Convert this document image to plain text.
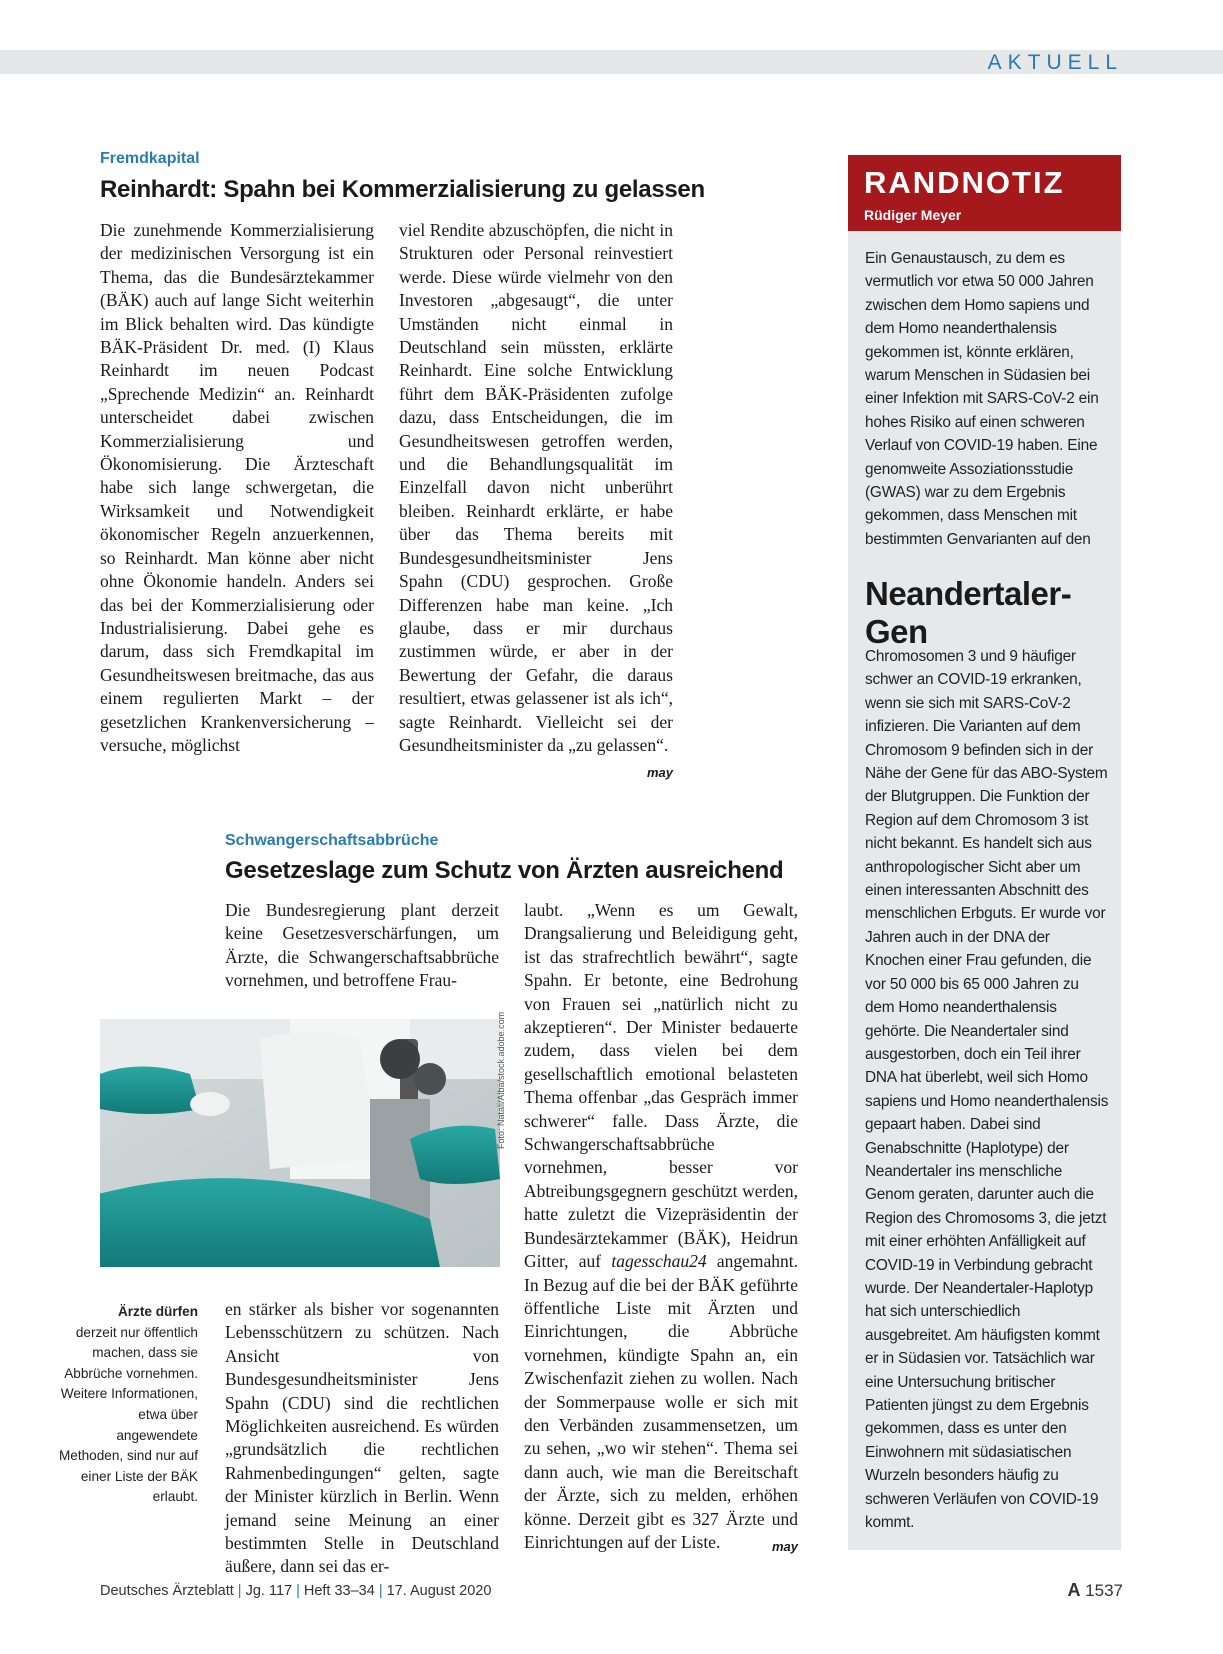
AKTUELL
Fremdkapital
Reinhardt: Spahn bei Kommerzialisierung zu gelassen
Die zunehmende Kommerzialisierung der medizinischen Versorgung ist ein Thema, das die Bundesärztekammer (BÄK) auch auf lange Sicht weiterhin im Blick behalten wird. Das kündigte BÄK-Präsident Dr. med. (I) Klaus Reinhardt im neuen Podcast „Sprechende Medizin“ an. Reinhardt unterscheidet dabei zwischen Kommerzialisierung und Ökonomisierung. Die Ärzteschaft habe sich lange schwergetan, die Wirksamkeit und Notwendigkeit ökonomischer Regeln anzuerkennen, so Reinhardt. Man könne aber nicht ohne Ökonomie handeln. Anders sei das bei der Kommerzialisierung oder Industrialisierung. Dabei gehe es darum, dass sich Fremdkapital im Gesundheitswesen breitmache, das aus einem regulierten Markt – der gesetzlichen Krankenversicherung – versuche, möglichst
viel Rendite abzuschöpfen, die nicht in Strukturen oder Personal reinvestiert werde. Diese würde vielmehr von den Investoren „abgesaugt“, die unter Umständen nicht einmal in Deutschland sein müssten, erklärte Reinhardt. Eine solche Entwicklung führt dem BÄK-Präsidenten zufolge dazu, dass Entscheidungen, die im Gesundheitswesen getroffen werden, und die Behandlungsqualität im Einzelfall davon nicht unberührt bleiben. Reinhardt erklärte, er habe über das Thema bereits mit Bundesgesundheitsminister Jens Spahn (CDU) gesprochen. Große Differenzen habe man keine. „Ich glaube, dass er mir durchaus zustimmen würde, er aber in der Bewertung der Gefahr, die daraus resultiert, etwas gelassener ist als ich“, sagte Reinhardt. Vielleicht sei der Gesundheitsminister da „zu gelassen“.
may
Schwangerschaftsabbrüche
Gesetzeslage zum Schutz von Ärzten ausreichend
Die Bundesregierung plant derzeit keine Gesetzesverschärfungen, um Ärzte, die Schwangerschaftsabbrüche vornehmen, und betroffene Frau-
Foto: Natali/Alba/stock.adobe.com
Ärzte dürfen
derzeit nur öffentlich machen, dass sie Abbrüche vornehmen. Weitere Informationen, etwa über angewendete Methoden, sind nur auf einer Liste der BÄK erlaubt.
en stärker als bisher vor sogenannten Lebensschützern zu schützen. Nach Ansicht von Bundesgesundheitsminister Jens Spahn (CDU) sind die rechtlichen Möglichkeiten ausreichend. Es würden „grundsätzlich die rechtlichen Rahmenbedingungen“ gelten, sagte der Minister kürzlich in Berlin. Wenn jemand seine Meinung an einer bestimmten Stelle in Deutschland äußere, dann sei das er-
laubt. „Wenn es um Gewalt, Drangsalierung und Beleidigung geht, ist das strafrechtlich bewährt“, sagte Spahn. Er betonte, eine Bedrohung von Frauen sei „natürlich nicht zu akzeptieren“. Der Minister bedauerte zudem, dass vielen bei dem gesellschaftlich emotional belasteten Thema offenbar „das Gespräch immer schwerer“ falle. Dass Ärzte, die Schwangerschaftsabbrüche vornehmen, besser vor Abtreibungsgegnern geschützt werden, hatte zuletzt die Vizepräsidentin der Bundesärztekammer (BÄK), Heidrun Gitter, auf tagesschau24 angemahnt. In Bezug auf die bei der BÄK geführte öffentliche Liste mit Ärzten und Einrichtungen, die Abbrüche vornehmen, kündigte Spahn an, ein Zwischenfazit ziehen zu wollen. Nach der Sommerpause wolle er sich mit den Verbänden zusammensetzen, um zu sehen, „wo wir stehen“. Thema sei dann auch, wie man die Bereitschaft der Ärzte, sich zu melden, erhöhen könne. Derzeit gibt es 327 Ärzte und Einrichtungen auf der Liste.	may
RANDNOTIZ
Rüdiger Meyer
Ein Genaustausch, zu dem es vermutlich vor etwa 50 000 Jahren zwischen dem Homo sapiens und dem Homo neanderthalensis gekommen ist, könnte erklären, warum Menschen in Südasien bei einer Infektion mit SARS-CoV-2 ein hohes Risiko auf einen schweren Verlauf von COVID-19 haben. Eine genomweite Assoziationsstudie (GWAS) war zu dem Ergebnis gekommen, dass Menschen mit bestimmten Genvarianten auf den
Neandertaler-Gen
Chromosomen 3 und 9 häufiger schwer an COVID-19 erkranken, wenn sie sich mit SARS-CoV-2 infizieren. Die Varianten auf dem Chromosom 9 befinden sich in der Nähe der Gene für das ABO-System der Blutgruppen. Die Funktion der Region auf dem Chromosom 3 ist nicht bekannt. Es handelt sich aus anthropologischer Sicht aber um einen interessanten Abschnitt des menschlichen Erbguts. Er wurde vor Jahren auch in der DNA der Knochen einer Frau gefunden, die vor 50 000 bis 65 000 Jahren zu dem Homo neanderthalensis gehörte. Die Neandertaler sind ausgestorben, doch ein Teil ihrer DNA hat überlebt, weil sich Homo sapiens und Homo neanderthalensis gepaart haben. Dabei sind Genabschnitte (Haplotype) der Neandertaler ins menschliche Genom geraten, darunter auch die Region des Chromosoms 3, die jetzt mit einer erhöhten Anfälligkeit auf COVID-19 in Verbindung gebracht wurde. Der Neandertaler-Haplotyp hat sich unterschiedlich ausgebreitet. Am häufigsten kommt er in Südasien vor. Tatsächlich war eine Untersuchung britischer Patienten jüngst zu dem Ergebnis gekommen, dass es unter den Einwohnern mit südasiatischen Wurzeln besonders häufig zu schweren Verläufen von COVID-19 kommt.
Deutsches Ärzteblatt | Jg. 117 | Heft 33–34 | 17. August 2020	A 1537
